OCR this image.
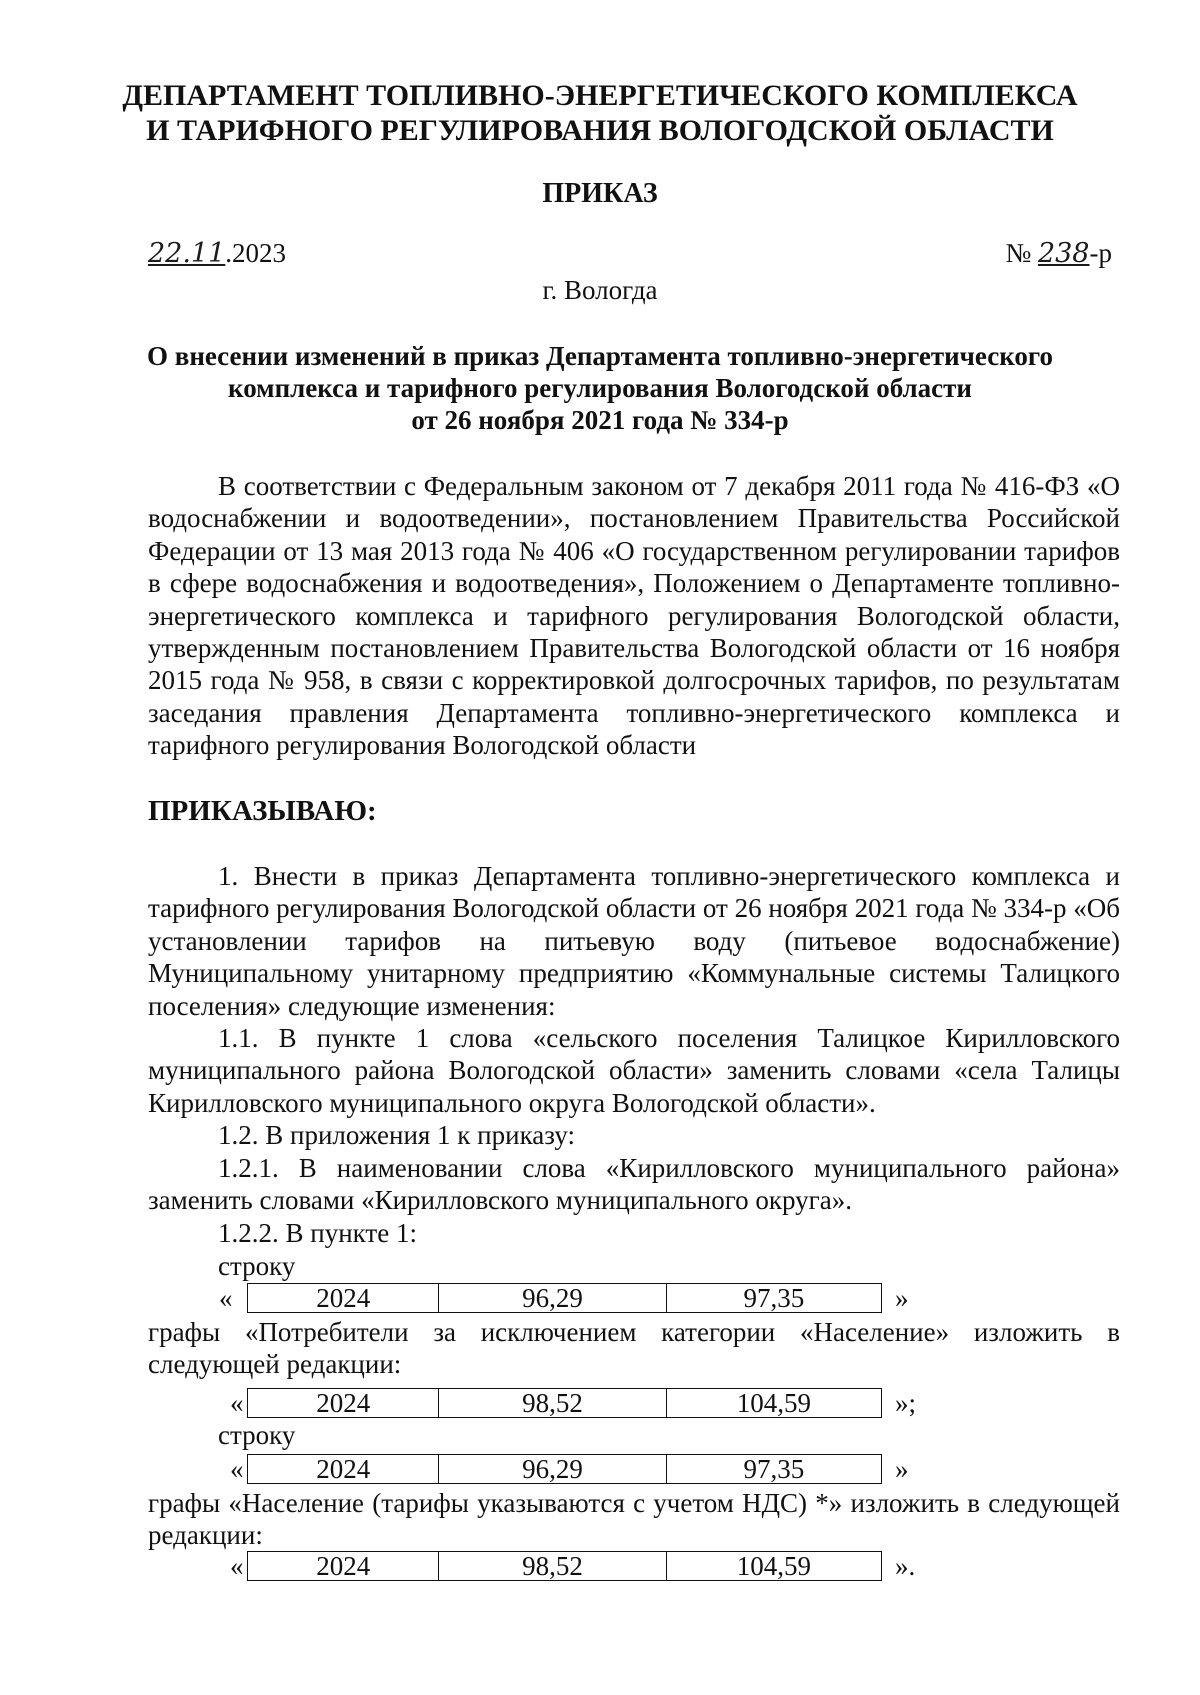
ДЕПАРТАМЕНТ ТОПЛИВНО-ЭНЕРГЕТИЧЕСКОГО КОМПЛЕКСА
И ТАРИФНОГО РЕГУЛИРОВАНИЯ ВОЛОГОДСКОЙ ОБЛАСТИ
ПРИКАЗ
22.11.2023	№ 238-р
г. Вологда
О внесении изменений в приказ Департамента топливно-энергетического
комплекса и тарифного регулирования Вологодской области
от 26 ноября 2021 года № 334-р

В соответствии с Федеральным законом от 7 декабря 2011 года № 416-ФЗ «О водоснабжении и водоотведении», постановлением Правительства Российской Федерации от 13 мая 2013 года № 406 «О государственном регулировании тарифов в сфере водоснабжения и водоотведения», Положением о Департаменте топливно-энергетического комплекса и тарифного регулирования Вологодской области, утвержденным постановлением Правительства Вологодской области от 16 ноября 2015 года № 958, в связи с корректировкой долгосрочных тарифов, по результатам заседания правления Департамента топливно-энергетического комплекса и тарифного регулирования Вологодской области

ПРИКАЗЫВАЮ:

1. Внести в приказ Департамента топливно-энергетического комплекса и тарифного регулирования Вологодской области от 26 ноября 2021 года № 334-р «Об установлении тарифов на питьевую воду (питьевое водоснабжение) Муниципальному унитарному предприятию «Коммунальные системы Талицкого поселения» следующие изменения:

1.1. В пункте 1 слова «сельского поселения Талицкое Кирилловского муниципального района Вологодской области» заменить словами «села Талицы Кирилловского муниципального округа Вологодской области».

1.2. В приложения 1 к приказу:

1.2.1. В наименовании слова «Кирилловского муниципального района» заменить словами «Кирилловского муниципального округа».

1.2.2. В пункте 1:

строку
«	2024	96,29	97,35	»

графы «Потребители за исключением категории «Население» изложить в следующей редакции:

«	2024	98,52	104,59	»;
строку
«	2024	96,29	97,35	»

графы «Население (тарифы указываются с учетом НДС) *» изложить в следующей редакции:

«	2024	98,52	104,59	».
